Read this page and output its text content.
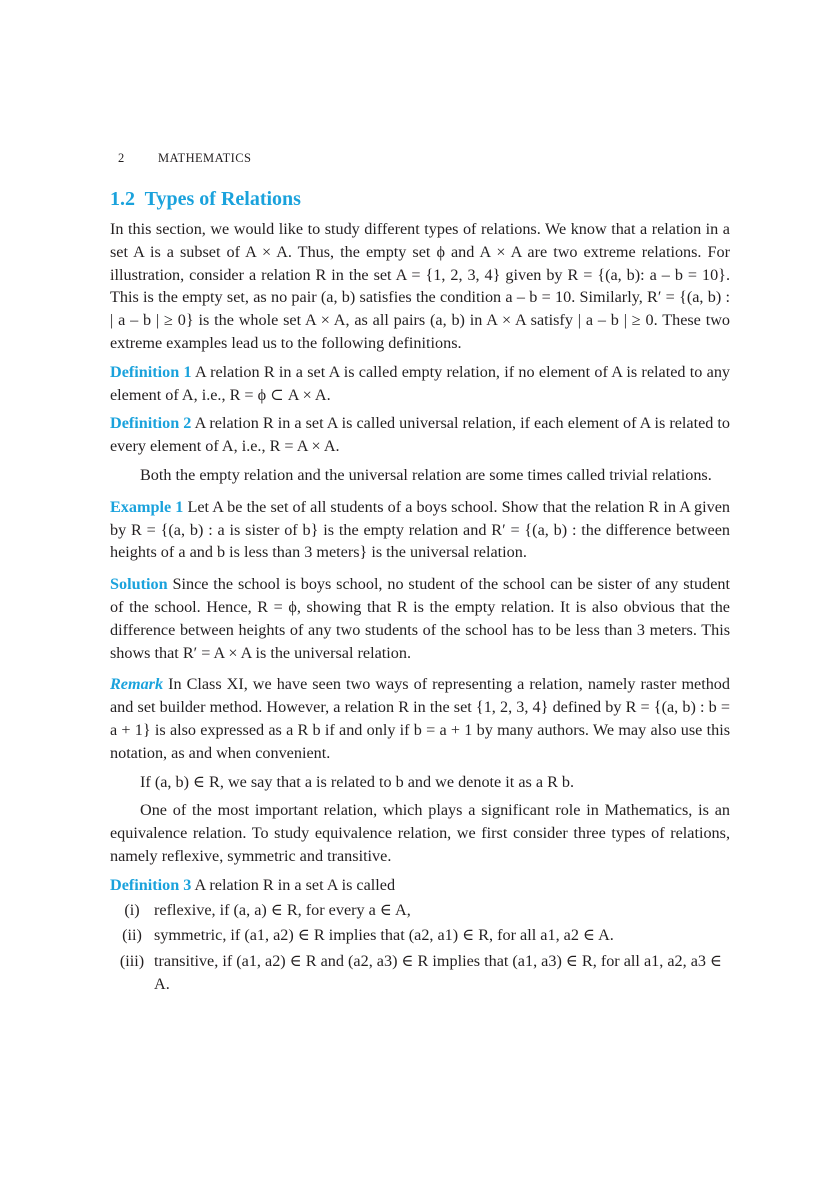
2	MATHEMATICS
1.2 Types of Relations

In this section, we would like to study different types of relations. We know that a relation in a set A is a subset of A × A. Thus, the empty set ϕ and A × A are two extreme relations. For illustration, consider a relation R in the set A = {1, 2, 3, 4} given by R = {(a, b): a – b = 10}. This is the empty set, as no pair (a, b) satisfies the condition a – b = 10. Similarly, R′ = {(a, b) : | a – b | ≥ 0} is the whole set A × A, as all pairs (a, b) in A × A satisfy | a – b | ≥ 0. These two extreme examples lead us to the following definitions.

Definition 1 A relation R in a set A is called empty relation, if no element of A is related to any element of A, i.e., R = ϕ ⊂ A × A.

Definition 2 A relation R in a set A is called universal relation, if each element of A is related to every element of A, i.e., R = A × A.

Both the empty relation and the universal relation are some times called trivial relations.

Example 1 Let A be the set of all students of a boys school. Show that the relation R in A given by R = {(a, b) : a is sister of b} is the empty relation and R′ = {(a, b) : the difference between heights of a and b is less than 3 meters} is the universal relation.

Solution Since the school is boys school, no student of the school can be sister of any student of the school. Hence, R = ϕ, showing that R is the empty relation. It is also obvious that the difference between heights of any two students of the school has to be less than 3 meters. This shows that R′ = A × A is the universal relation.

Remark In Class XI, we have seen two ways of representing a relation, namely raster method and set builder method. However, a relation R in the set {1, 2, 3, 4} defined by R = {(a, b) : b = a + 1} is also expressed as a R b if and only if b = a + 1 by many authors. We may also use this notation, as and when convenient.

If (a, b) ∈ R, we say that a is related to b and we denote it as a R b.

One of the most important relation, which plays a significant role in Mathematics, is an equivalence relation. To study equivalence relation, we first consider three types of relations, namely reflexive, symmetric and transitive.

Definition 3 A relation R in a set A is called

(i) reflexive, if (a, a) ∈ R, for every a ∈ A,
(ii) symmetric, if (a1, a2) ∈ R implies that (a2, a1) ∈ R, for all a1, a2 ∈ A.
(iii) transitive, if (a1, a2) ∈ R and (a2, a3) ∈ R implies that (a1, a3) ∈ R, for all a1, a2, a3 ∈ A.
